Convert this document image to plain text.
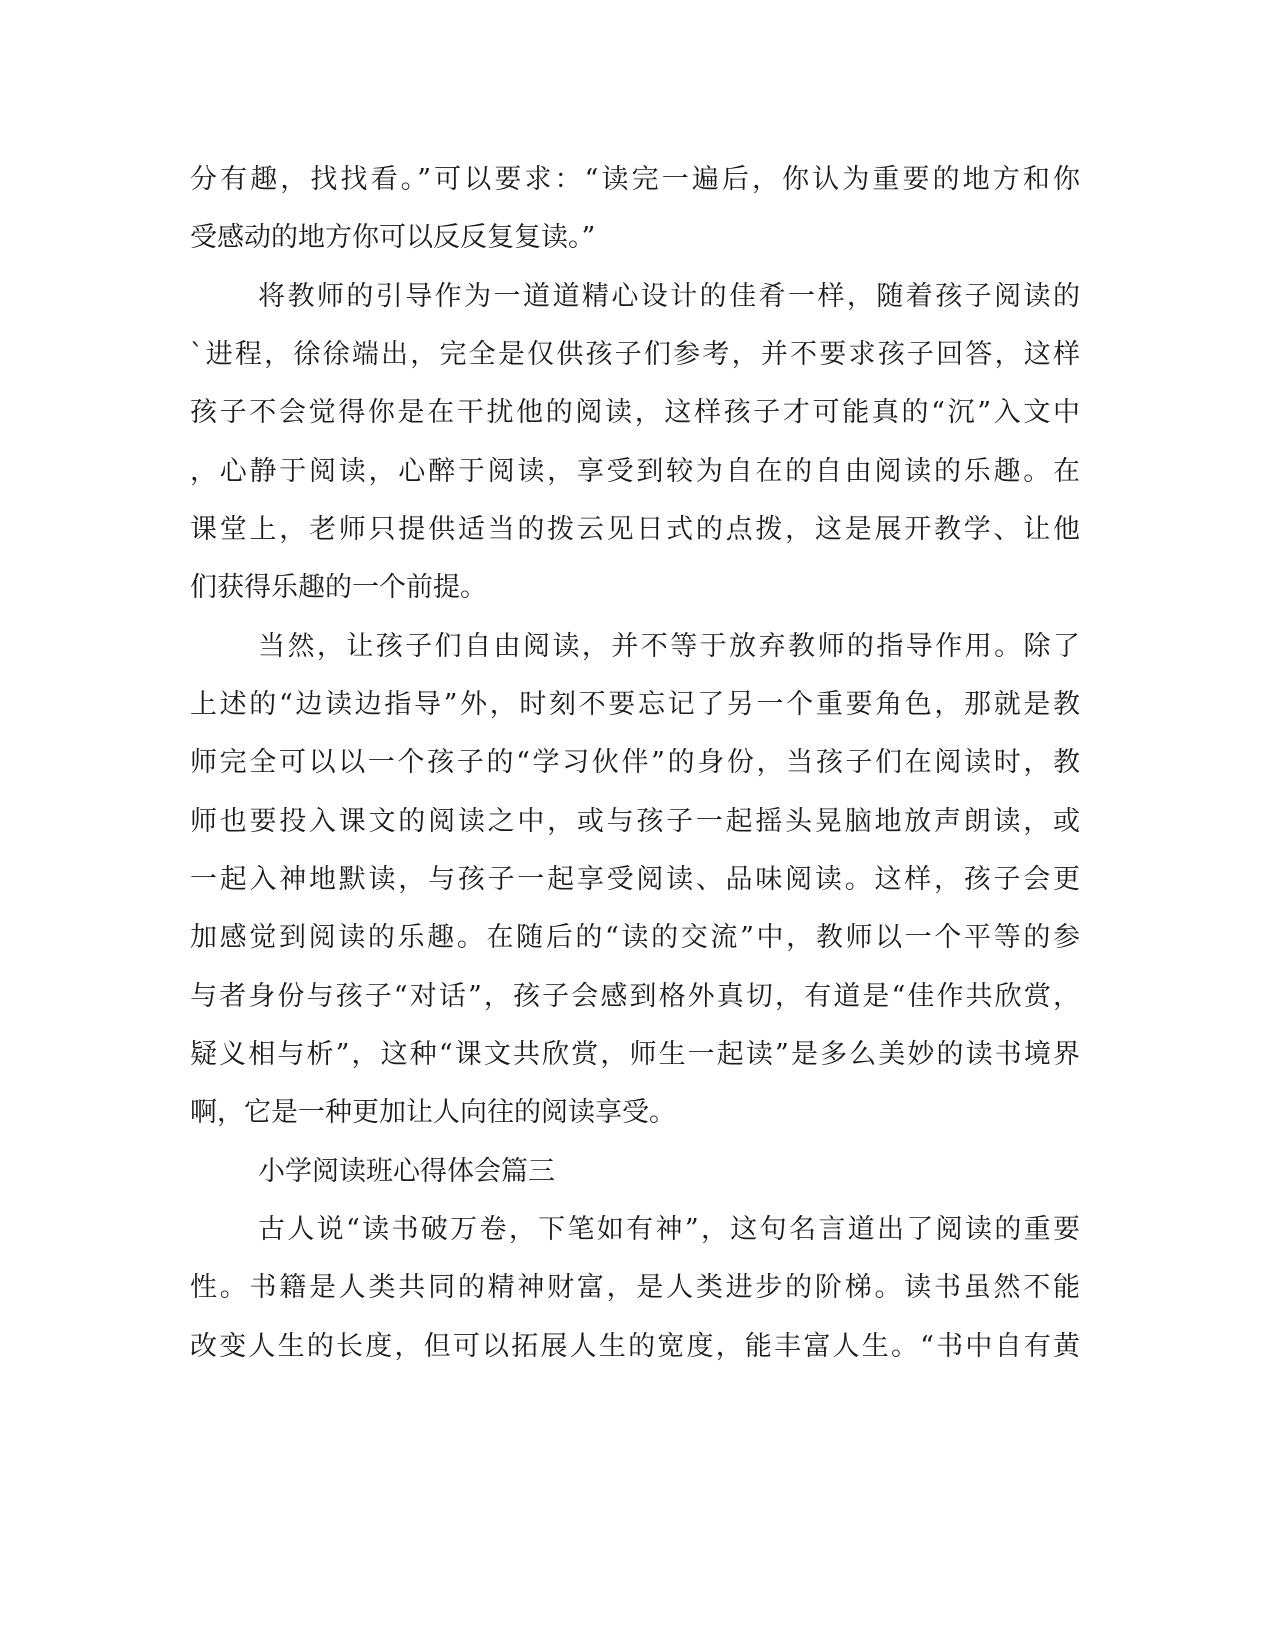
分有趣，找找看。”可以要求：“读完一遍后，你认为重要的地方和你
受感动的地方你可以反反复复读。”
将教师的引导作为一道道精心设计的佳肴一样，随着孩子阅读的
`进程，徐徐端出，完全是仅供孩子们参考，并不要求孩子回答，这样
孩子不会觉得你是在干扰他的阅读，这样孩子才可能真的“沉”入文中
，心静于阅读，心醉于阅读，享受到较为自在的自由阅读的乐趣。在
课堂上，老师只提供适当的拨云见日式的点拨，这是展开教学、让他
们获得乐趣的一个前提。
当然，让孩子们自由阅读，并不等于放弃教师的指导作用。除了
上述的“边读边指导”外，时刻不要忘记了另一个重要角色，那就是教
师完全可以以一个孩子的“学习伙伴”的身份，当孩子们在阅读时，教
师也要投入课文的阅读之中，或与孩子一起摇头晃脑地放声朗读，或
一起入神地默读，与孩子一起享受阅读、品味阅读。这样，孩子会更
加感觉到阅读的乐趣。在随后的“读的交流”中，教师以一个平等的参
与者身份与孩子“对话”，孩子会感到格外真切，有道是“佳作共欣赏，
疑义相与析”，这种“课文共欣赏，师生一起读”是多么美妙的读书境界
啊，它是一种更加让人向往的阅读享受。
小学阅读班心得体会篇三
古人说“读书破万卷，下笔如有神”，这句名言道出了阅读的重要
性。书籍是人类共同的精神财富，是人类进步的阶梯。读书虽然不能
改变人生的长度，但可以拓展人生的宽度，能丰富人生。“书中自有黄
